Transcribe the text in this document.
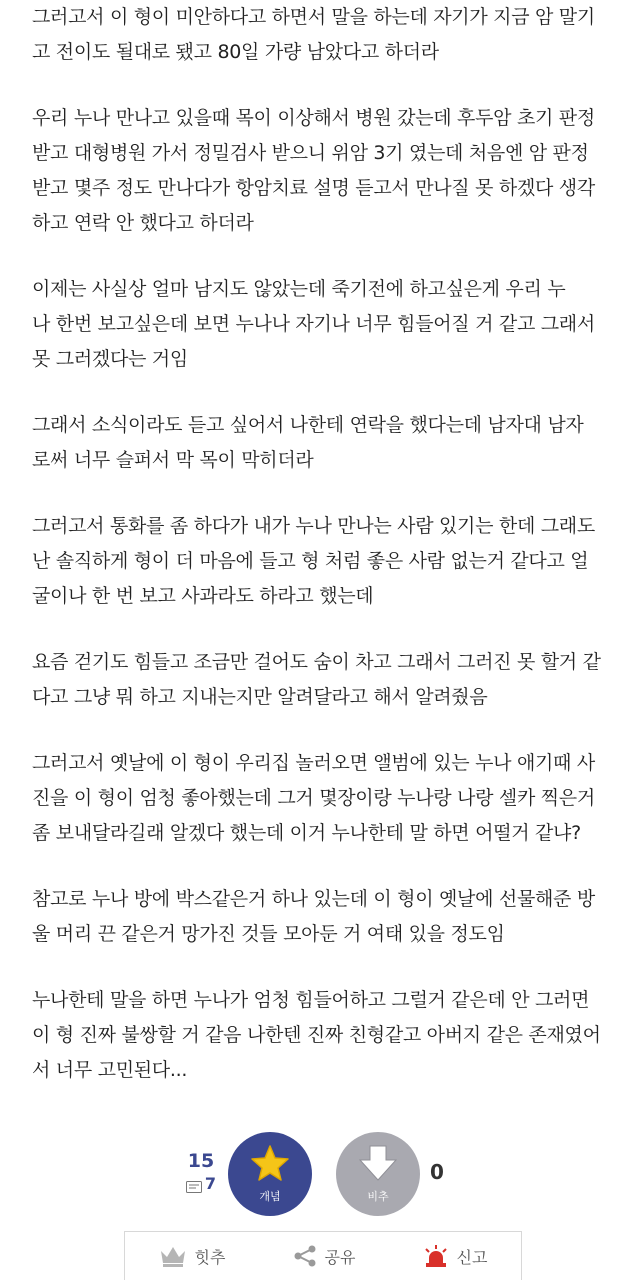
그러고서 이 형이 미안하다고 하면서 말을 하는데 자기가 지금 암 말기
고 전이도 될대로 됐고 80일 가량 남았다고 하더라
우리 누나 만나고 있을때 목이 이상해서 병원 갔는데 후두암 초기 판정
받고 대형병원 가서 정밀검사 받으니 위암 3기 였는데 처음엔 암 판정
받고 몇주 정도 만나다가 항암치료 설명 듣고서 만나질 못 하겠다 생각
하고 연락 안 했다고 하더라
이제는 사실상 얼마 남지도 않았는데 죽기전에 하고싶은게 우리 누
나 한번 보고싶은데 보면 누나나 자기나 너무 힘들어질 거 같고 그래서
못 그러겠다는 거임
그래서 소식이라도 듣고 싶어서 나한테 연락을 했다는데 남자대 남자
로써 너무 슬퍼서 막 목이 막히더라
그러고서 통화를 좀 하다가 내가 누나 만나는 사람 있기는 한데 그래도
난 솔직하게 형이 더 마음에 들고 형 처럼 좋은 사람 없는거 같다고 얼
굴이나 한 번 보고 사과라도 하라고 했는데
요즘 걷기도 힘들고 조금만 걸어도 숨이 차고 그래서 그러진 못 할거 같
다고 그냥 뭐 하고 지내는지만 알려달라고 해서 알려줬음
그러고서 옛날에 이 형이 우리집 놀러오면 앨범에 있는 누나 애기때 사
진을 이 형이 엄청 좋아했는데 그거 몇장이랑 누나랑 나랑 셀카 찍은거
좀 보내달라길래 알겠다 했는데 이거 누나한테 말 하면 어떨거 같냐?
참고로 누나 방에 박스같은거 하나 있는데 이 형이 옛날에 선물해준 방
울 머리 끈 같은거 망가진 것들 모아둔 거 여태 있을 정도임
누나한테 말을 하면 누나가 엄청 힘들어하고 그럴거 같은데 안 그러면
이 형 진짜 불쌍할 거 같음 나한텐 진짜 친형같고 아버지 같은 존재였어
서 너무 고민된다...
15
7
개념	비추
0
힛추	공유	신고
